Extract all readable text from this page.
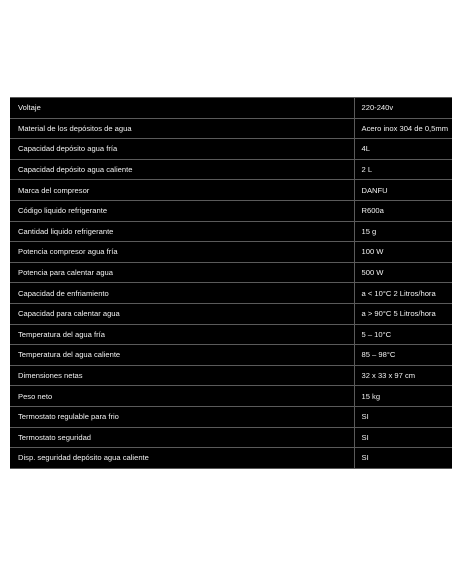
Voltaje	220-240v
Material de los depósitos de agua	Acero inox 304 de 0,5mm
Capacidad depósito agua fría	4L
Capacidad depósito agua caliente	2 L
Marca del compresor	DANFU
Código liquido refrigerante	R600a
Cantidad liquido refrigerante	15 g
Potencia compresor agua fría	100 W
Potencia para calentar agua	500 W
Capacidad de enfriamiento	a < 10°C 2 Litros/hora
Capacidad para calentar agua	a > 90°C 5 Litros/hora
Temperatura del agua fría	5 – 10°C
Temperatura del agua caliente	85 – 98°C
Dimensiones netas	32 x 33 x 97 cm
Peso neto	15 kg
Termostato regulable para frio	SI
Termostato seguridad	SI
Disp. seguridad depósito agua caliente	SI
